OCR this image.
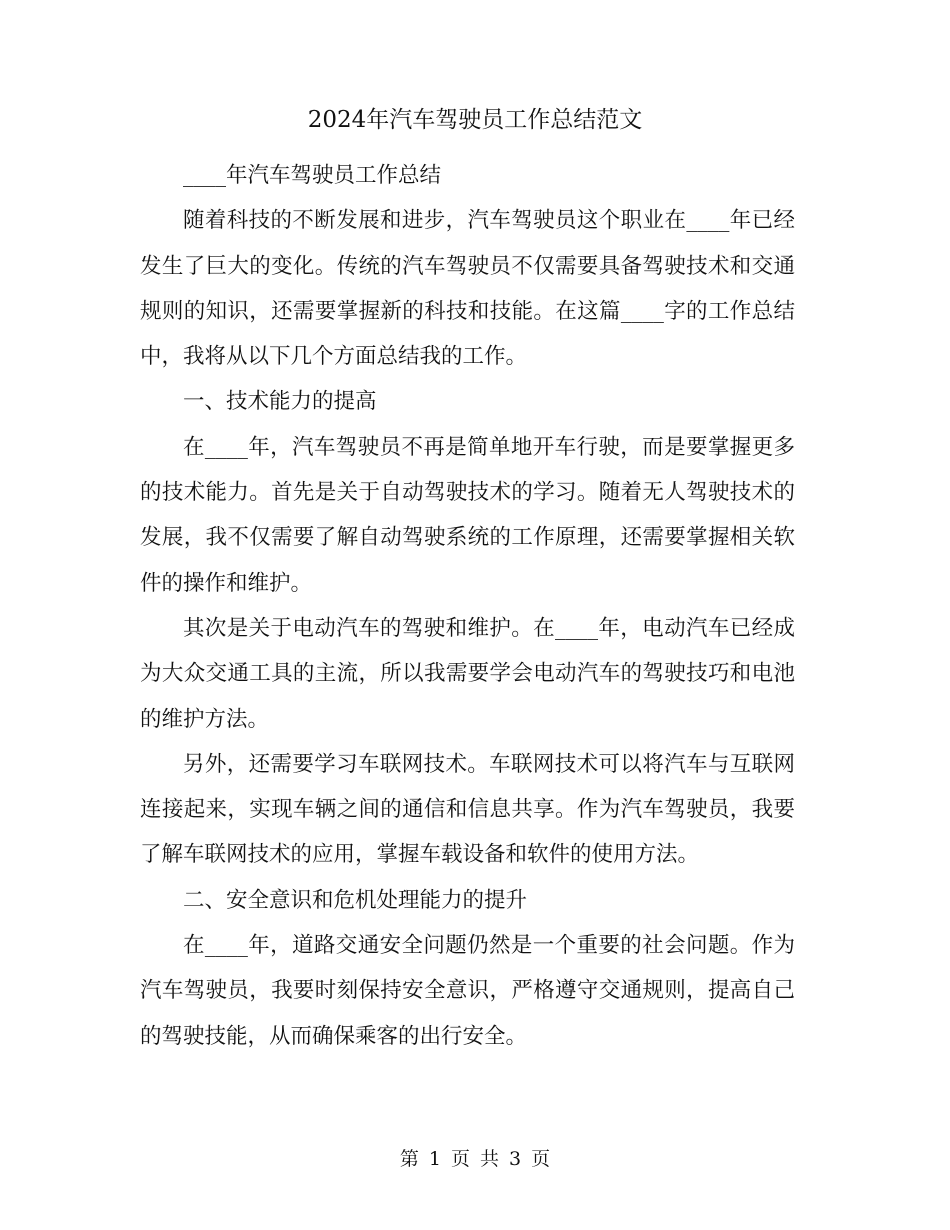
2024年汽车驾驶员工作总结范文

____年汽车驾驶员工作总结

随着科技的不断发展和进步，汽车驾驶员这个职业在____年已经发生了巨大的变化。传统的汽车驾驶员不仅需要具备驾驶技术和交通规则的知识，还需要掌握新的科技和技能。在这篇____字的工作总结中，我将从以下几个方面总结我的工作。

一、技术能力的提高

在____年，汽车驾驶员不再是简单地开车行驶，而是要掌握更多的技术能力。首先是关于自动驾驶技术的学习。随着无人驾驶技术的发展，我不仅需要了解自动驾驶系统的工作原理，还需要掌握相关软件的操作和维护。

其次是关于电动汽车的驾驶和维护。在____年，电动汽车已经成为大众交通工具的主流，所以我需要学会电动汽车的驾驶技巧和电池的维护方法。

另外，还需要学习车联网技术。车联网技术可以将汽车与互联网连接起来，实现车辆之间的通信和信息共享。作为汽车驾驶员，我要了解车联网技术的应用，掌握车载设备和软件的使用方法。

二、安全意识和危机处理能力的提升

在____年，道路交通安全问题仍然是一个重要的社会问题。作为汽车驾驶员，我要时刻保持安全意识，严格遵守交通规则，提高自己的驾驶技能，从而确保乘客的出行安全。

第 1 页 共 3 页
